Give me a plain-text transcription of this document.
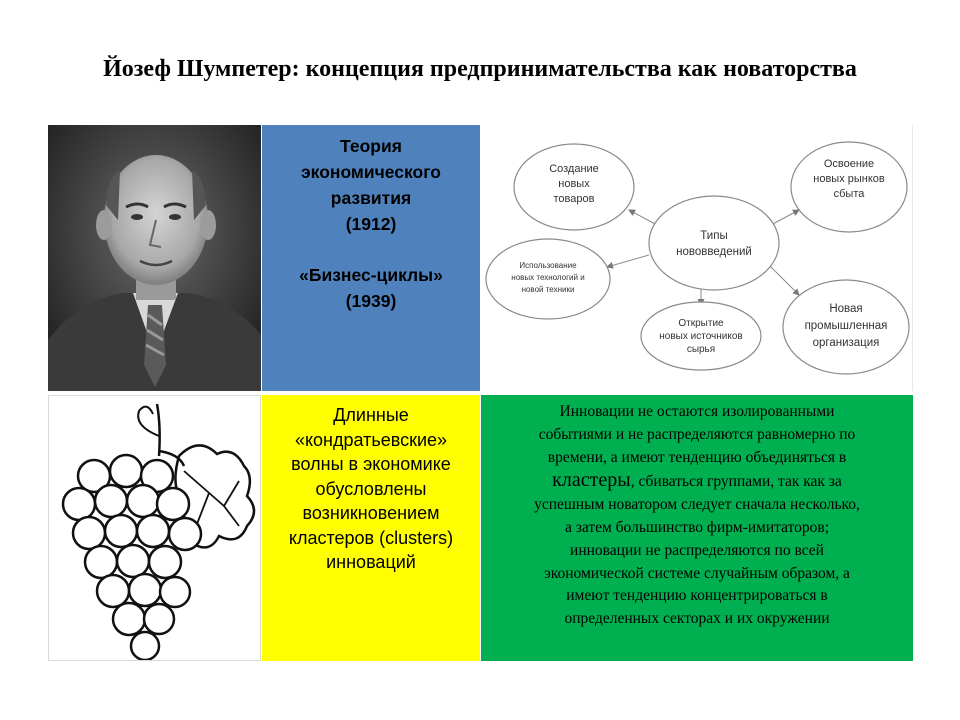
Йозеф Шумпетер: концепция предпринимательства как новаторства

Теория

экономического

развития

(1912)

«Бизнес-циклы»

(1939)

Типы
нововведений
Создание
новых
товаров
Освоение
новых рынков
сбыта
Использование
новых технологий и
новой техники
Открытие
новых источников
сырья
Новая
промышленная
организация

Длинные

«кондратьевские»

волны в экономике

обусловлены

возникновением

кластеров (clusters)

инноваций

Инновации не остаются изолированными

событиями и не распределяются равномерно по

времени, а имеют тенденцию объединяться в

кластеры, сбиваться группами, так как за

успешным новатором следует сначала несколько,

а затем большинство фирм-имитаторов;

инновации не распределяются по всей

экономической системе случайным образом, а

имеют тенденцию концентрироваться в

определенных секторах и их окружении
